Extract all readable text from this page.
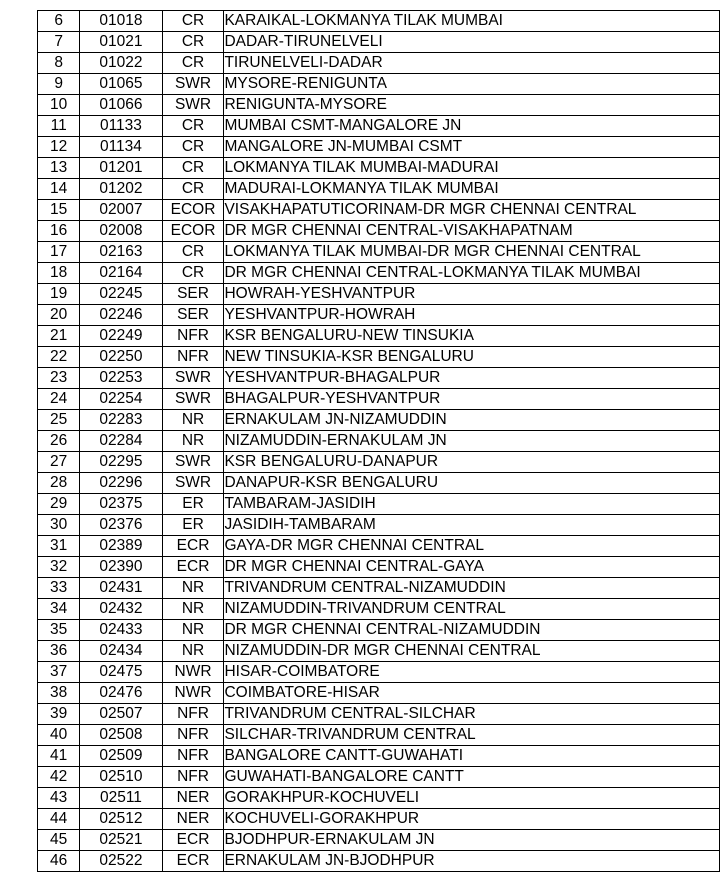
6	01018	CR	KARAIKAL-LOKMANYA TILAK MUMBAI
7	01021	CR	DADAR-TIRUNELVELI
8	01022	CR	TIRUNELVELI-DADAR
9	01065	SWR	MYSORE-RENIGUNTA
10	01066	SWR	RENIGUNTA-MYSORE
11	01133	CR	MUMBAI CSMT-MANGALORE JN
12	01134	CR	MANGALORE JN-MUMBAI CSMT
13	01201	CR	LOKMANYA TILAK MUMBAI-MADURAI
14	01202	CR	MADURAI-LOKMANYA TILAK MUMBAI
15	02007	ECOR	VISAKHAPATUTICORINAM-DR MGR CHENNAI CENTRAL
16	02008	ECOR	DR MGR CHENNAI CENTRAL-VISAKHAPATNAM
17	02163	CR	LOKMANYA TILAK MUMBAI-DR MGR CHENNAI CENTRAL
18	02164	CR	DR MGR CHENNAI CENTRAL-LOKMANYA TILAK MUMBAI
19	02245	SER	HOWRAH-YESHVANTPUR
20	02246	SER	YESHVANTPUR-HOWRAH
21	02249	NFR	KSR BENGALURU-NEW TINSUKIA
22	02250	NFR	NEW TINSUKIA-KSR BENGALURU
23	02253	SWR	YESHVANTPUR-BHAGALPUR
24	02254	SWR	BHAGALPUR-YESHVANTPUR
25	02283	NR	ERNAKULAM JN-NIZAMUDDIN
26	02284	NR	NIZAMUDDIN-ERNAKULAM JN
27	02295	SWR	KSR BENGALURU-DANAPUR
28	02296	SWR	DANAPUR-KSR BENGALURU
29	02375	ER	TAMBARAM-JASIDIH
30	02376	ER	JASIDIH-TAMBARAM
31	02389	ECR	GAYA-DR MGR CHENNAI CENTRAL
32	02390	ECR	DR MGR CHENNAI CENTRAL-GAYA
33	02431	NR	TRIVANDRUM CENTRAL-NIZAMUDDIN
34	02432	NR	NIZAMUDDIN-TRIVANDRUM CENTRAL
35	02433	NR	DR MGR CHENNAI CENTRAL-NIZAMUDDIN
36	02434	NR	NIZAMUDDIN-DR MGR CHENNAI CENTRAL
37	02475	NWR	HISAR-COIMBATORE
38	02476	NWR	COIMBATORE-HISAR
39	02507	NFR	TRIVANDRUM CENTRAL-SILCHAR
40	02508	NFR	SILCHAR-TRIVANDRUM CENTRAL
41	02509	NFR	BANGALORE CANTT-GUWAHATI
42	02510	NFR	GUWAHATI-BANGALORE CANTT
43	02511	NER	GORAKHPUR-KOCHUVELI
44	02512	NER	KOCHUVELI-GORAKHPUR
45	02521	ECR	BJODHPUR-ERNAKULAM JN
46	02522	ECR	ERNAKULAM JN-BJODHPUR
